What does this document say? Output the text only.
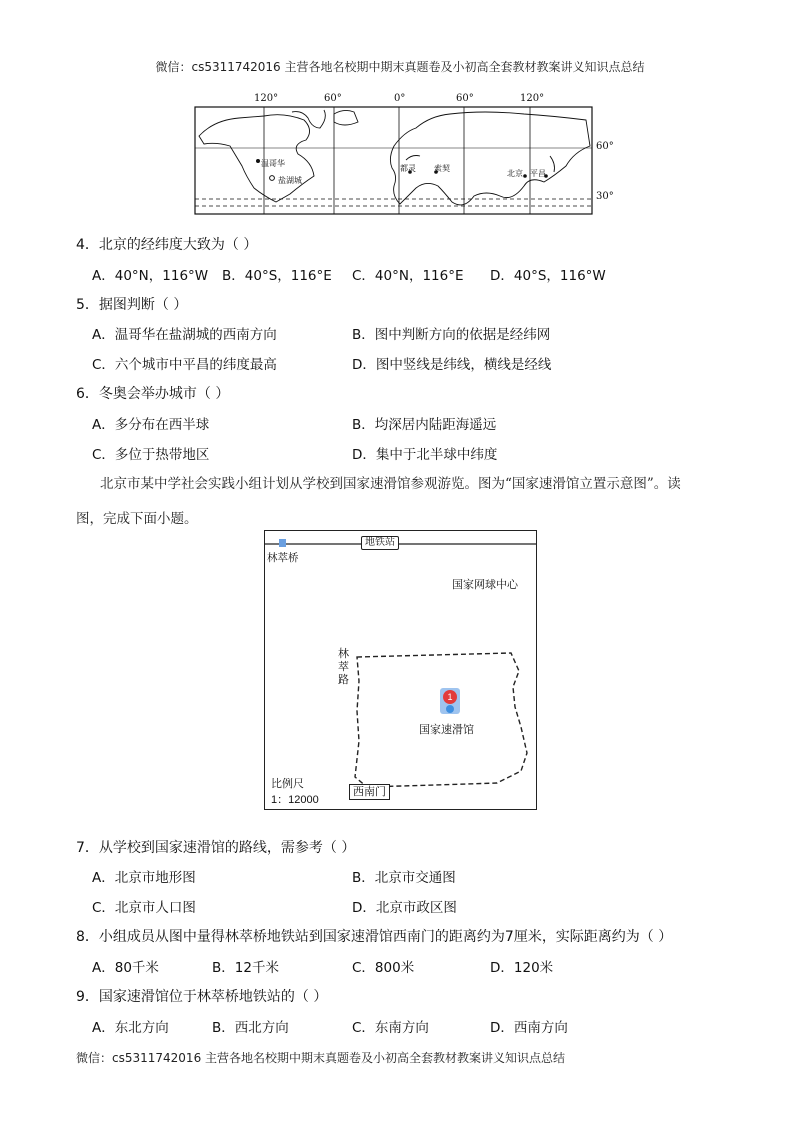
微信：cs5311742016 主营各地名校期中期末真题卷及小初高全套教材教案讲义知识点总结
120°	60°	0°	60°	120°
温哥华
盐湖城
都灵 索契
北京 平昌
60°
30°
4．北京的经纬度大致为（ ）
A．40°N，116°W B．40°S，116°E C．40°N，116°E D．40°S，116°W
5．据图判断（ ）
A．温哥华在盐湖城的西南方向	B．图中判断方向的依据是经纬网
C．六个城市中平昌的纬度最高	D．图中竖线是纬线，横线是经线
6．冬奥会举办城市（ ）
A．多分布在西半球	B．均深居内陆距海遥远
C．多位于热带地区	D．集中于北半球中纬度
北京市某中学社会实践小组计划从学校到国家速滑馆参观游览。图为“国家速滑馆立置示意图”。读
图，完成下面小题。
林萃桥
地铁站
国家网球中心
林
萃
路
1
国家速滑馆
比例尺
1：12000
西南门
7．从学校到国家速滑馆的路线，需参考（ ）
A．北京市地形图	B．北京市交通图
C．北京市人口图	D．北京市政区图
8．小组成员从图中量得林萃桥地铁站到国家速滑馆西南门的距离约为7厘米，实际距离约为（ ）
A．80千米	B．12千米	C．800米	D．120米
9．国家速滑馆位于林萃桥地铁站的（ ）
A．东北方向	B．西北方向	C．东南方向	D．西南方向
微信：cs5311742016 主营各地名校期中期末真题卷及小初高全套教材教案讲义知识点总结
